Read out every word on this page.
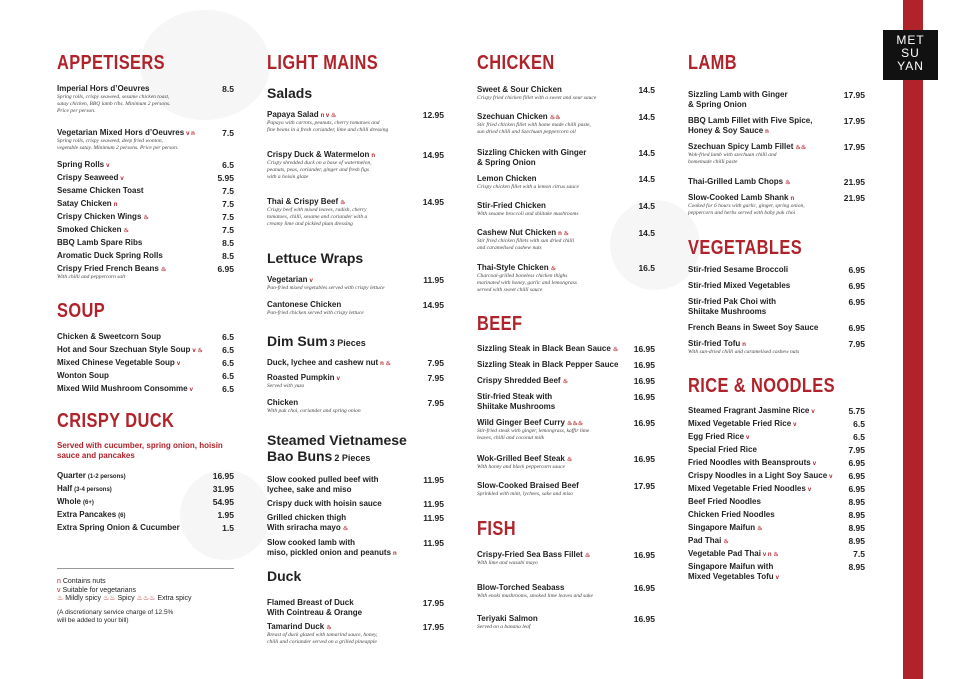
MET
SU
YAN
APPETISERS
Imperial Hors d’Oeuvres	8.5
Spring rolls, crispy seaweed, sesame chicken toast,
satay chicken, BBQ lamb ribs. Minimum 2 persons.
Price per person.
Vegetarian Mixed Hors d’Oeuvres v n	7.5
Spring rolls, crispy seaweed, deep fried wonton,
vegetable satay. Minimum 2 persons. Price per person.
Spring Rolls v	6.5
Crispy Seaweed v	5.95
Sesame Chicken Toast	7.5
Satay Chicken n	7.5
Crispy Chicken Wings ♨	7.5
Smoked Chicken ♨	7.5
BBQ Lamb Spare Ribs	8.5
Aromatic Duck Spring Rolls	8.5
Crispy Fried French Beans ♨	6.95
With chilli and peppercorn salt
SOUP
Chicken & Sweetcorn Soup	6.5
Hot and Sour Szechuan Style Soup v ♨	6.5
Mixed Chinese Vegetable Soup v	6.5
Wonton Soup	6.5
Mixed Wild Mushroom Consomme v	6.5
CRISPY DUCK
Served with cucumber, spring onion, hoisin
sauce and pancakes
Quarter (1-2 persons)	16.95
Half (3-4 persons)	31.95
Whole (6+)	54.95
Extra Pancakes (6)	1.95
Extra Spring Onion & Cucumber	1.5
n Contains nuts
v Suitable for vegetarians
♨ Mildly spicy ♨♨ Spicy ♨♨♨ Extra spicy
(A discretionary service charge of 12.5%
will be added to your bill)
LIGHT MAINS
Salads
Papaya Salad n v ♨	12.95
Papaya with carrots, peanuts, cherry tomatoes and
fine beans in a fresh coriander, lime and chilli dressing
Crispy Duck & Watermelon n	14.95
Crispy shredded duck on a base of watermelon,
peanuts, peas, coriander, ginger and fresh figs
with a hoisin glaze
Thai & Crispy Beef ♨	14.95
Crispy beef with mixed leaves, radish, cherry
tomatoes, chilli, sesame and coriander with a
creamy lime and pickled plum dressing
Lettuce Wraps
Vegetarian v	11.95
Pan-fried mixed vegetables served with crispy lettuce
Cantonese Chicken	14.95
Pan-fried chicken served with crispy lettuce
Dim Sum 3 Pieces
Duck, lychee and cashew nut n ♨	7.95
Roasted Pumpkin v	7.95
Served with yuzo
Chicken	7.95
With pak choi, coriander and spring onion
Steamed Vietnamese
Bao Buns 2 Pieces
Slow cooked pulled beef with
lychee, sake and miso
11.95
Crispy duck with hoisin sauce	11.95
Grilled chicken thigh
With sriracha mayo ♨
11.95
Slow cooked lamb with
miso, pickled onion and peanuts n
11.95
Duck
Flamed Breast of Duck
With Cointreau & Orange
17.95
Tamarind Duck ♨	17.95
Breast of duck glazed with tamarind sauce, honey,
chilli and coriander served on a grilled pineapple
CHICKEN
Sweet & Sour Chicken	14.5
Crispy fried chicken fillet with a sweet and sour sauce
Szechuan Chicken ♨♨	14.5
Stir fried chicken fillet with home made chilli paste,
sun dried chilli and Szechuan peppercorn oil
Sizzling Chicken with Ginger
& Spring Onion
14.5
Lemon Chicken	14.5
Crispy chicken fillet with a lemon citrus sauce
Stir-Fried Chicken	14.5
With sesame broccoli and shiitake mushrooms
Cashew Nut Chicken n ♨	14.5
Stir fried chicken fillets with sun dried chilli
and caramelised cashew nuts
Thai-Style Chicken ♨	16.5
Charcoal-grilled boneless chicken thighs
marinated with honey, garlic and lemongrass
served with sweet chilli sauce
BEEF
Sizzling Steak in Black Bean Sauce ♨	16.95
Sizzling Steak in Black Pepper Sauce	16.95
Crispy Shredded Beef ♨	16.95
Stir-fried Steak with
Shiitake Mushrooms
16.95
Wild Ginger Beef Curry ♨♨♨	16.95
Stir-fried steak with ginger, lemongrass, kaffir lime
leaves, chilli and coconut milk
Wok-Grilled Beef Steak ♨	16.95
With honey and black peppercorn sauce
Slow-Cooked Braised Beef	17.95
Sprinkled with mint, lychees, sake and miso
FISH
Crispy-Fried Sea Bass Fillet ♨	16.95
With lime and wasabi mayo
Blow-Torched Seabass	16.95
With enoki mushrooms, smoked lime leaves and sake
Teriyaki Salmon	16.95
Served on a banana leaf
LAMB
Sizzling Lamb with Ginger
& Spring Onion
17.95
BBQ Lamb Fillet with Five Spice,
Honey & Soy Sauce n
17.95
Szechuan Spicy Lamb Fillet ♨♨	17.95
Wok-fried lamb with szechuan chilli and
homemade chilli paste
Thai-Grilled Lamb Chops ♨	21.95
Slow-Cooked Lamb Shank n	21.95
Cooked for 6 hours with garlic, ginger, spring onion,
peppercorn and herbs served with baby pak choi
VEGETABLES
Stir-fried Sesame Broccoli	6.95
Stir-fried Mixed Vegetables	6.95
Stir-fried Pak Choi with
Shiitake Mushrooms
6.95
French Beans in Sweet Soy Sauce	6.95
Stir-fried Tofu n	7.95
With sun-dried chilli and caramelised cashew nuts
RICE & NOODLES
Steamed Fragrant Jasmine Rice v	5.75
Mixed Vegetable Fried Rice v	6.5
Egg Fried Rice v	6.5
Special Fried Rice	7.95
Fried Noodles with Beansprouts v	6.95
Crispy Noodles in a Light Soy Sauce v	6.95
Mixed Vegetable Fried Noodles v	6.95
Beef Fried Noodles	8.95
Chicken Fried Noodles	8.95
Singapore Maifun ♨	8.95
Pad Thai ♨	8.95
Vegetable Pad Thai v n ♨	7.5
Singapore Maifun with
Mixed Vegetables Tofu v
8.95
